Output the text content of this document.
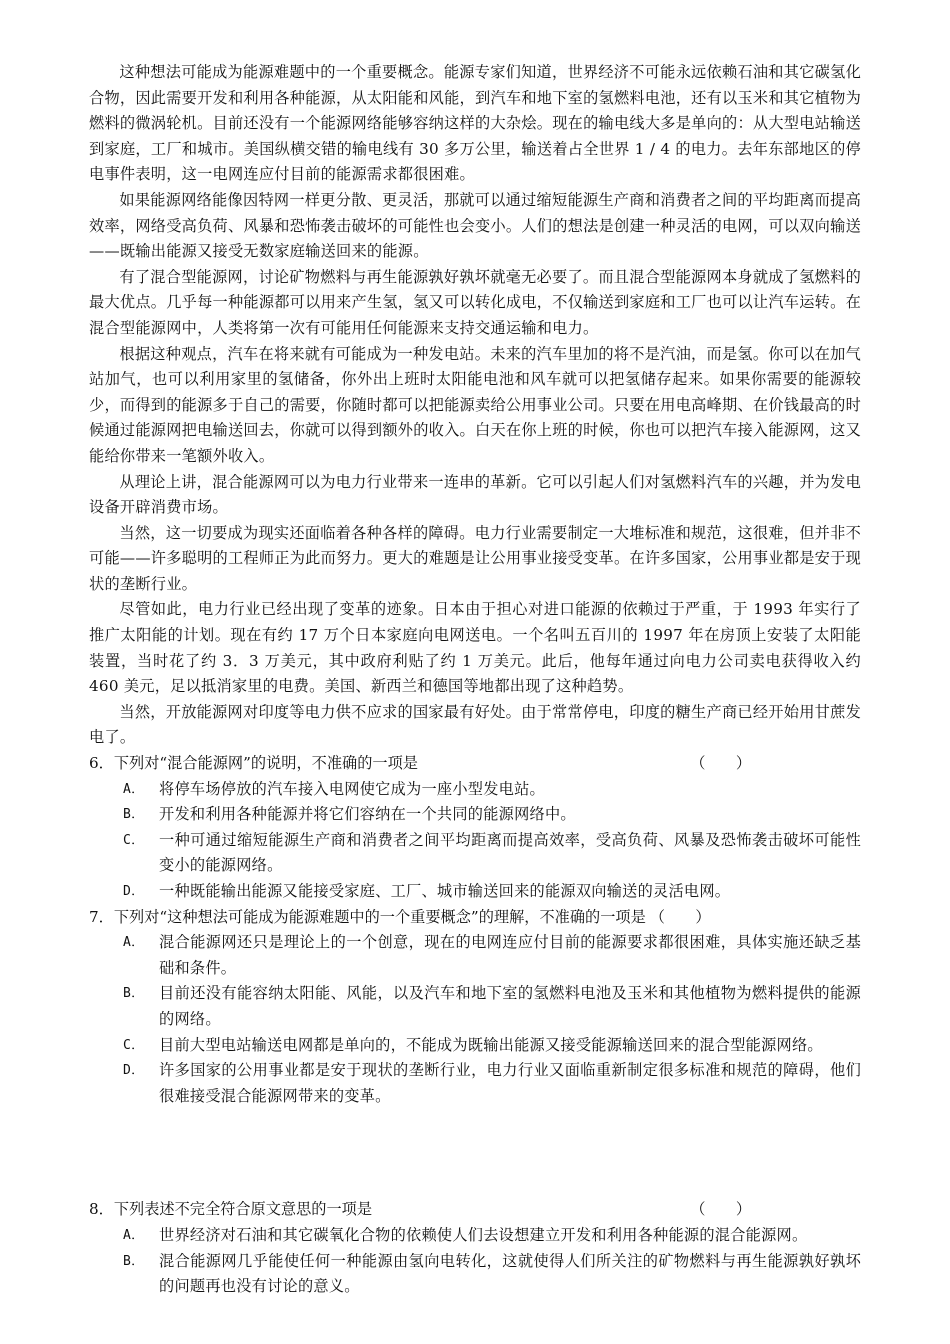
这种想法可能成为能源难题中的一个重要概念。能源专家们知道，世界经济不可能永远依赖石油和其它碳氢化合物，因此需要开发和利用各种能源，从太阳能和风能，到汽车和地下室的氢燃料电池，还有以玉米和其它植物为燃料的微涡轮机。目前还没有一个能源网络能够容纳这样的大杂烩。现在的输电线大多是单向的：从大型电站输送到家庭，工厂和城市。美国纵横交错的输电线有 30 多万公里，输送着占全世界 1 / 4 的电力。去年东部地区的停电事件表明，这一电网连应付目前的能源需求都很困难。

如果能源网络能像因特网一样更分散、更灵活，那就可以通过缩短能源生产商和消费者之间的平均距离而提高效率，网络受高负荷、风暴和恐怖袭击破坏的可能性也会变小。人们的想法是创建一种灵活的电网，可以双向输送——既输出能源又接受无数家庭输送回来的能源。

有了混合型能源网，讨论矿物燃料与再生能源孰好孰坏就毫无必要了。而且混合型能源网本身就成了氢燃料的最大优点。几乎每一种能源都可以用来产生氢，氢又可以转化成电，不仅输送到家庭和工厂也可以让汽车运转。在混合型能源网中，人类将第一次有可能用任何能源来支持交通运输和电力。

根据这种观点，汽车在将来就有可能成为一种发电站。未来的汽车里加的将不是汽油，而是氢。你可以在加气站加气，也可以利用家里的氢储备，你外出上班时太阳能电池和风车就可以把氢储存起来。如果你需要的能源较少，而得到的能源多于自己的需要，你随时都可以把能源卖给公用事业公司。只要在用电高峰期、在价钱最高的时候通过能源网把电输送回去，你就可以得到额外的收入。白天在你上班的时候，你也可以把汽车接入能源网，这又能给你带来一笔额外收入。

从理论上讲，混合能源网可以为电力行业带来一连串的革新。它可以引起人们对氢燃料汽车的兴趣，并为发电设备开辟消费市场。

当然，这一切要成为现实还面临着各种各样的障碍。电力行业需要制定一大堆标准和规范，这很难，但并非不可能——许多聪明的工程师正为此而努力。更大的难题是让公用事业接受变革。在许多国家，公用事业都是安于现状的垄断行业。

尽管如此，电力行业已经出现了变革的迹象。日本由于担心对进口能源的依赖过于严重，于 1993 年实行了推广太阳能的计划。现在有约 17 万个日本家庭向电网送电。一个名叫五百川的 1997 年在房顶上安装了太阳能装置，当时花了约 3．3 万美元，其中政府利贴了约 1 万美元。此后，他每年通过向电力公司卖电获得收入约 460 美元，足以抵消家里的电费。美国、新西兰和德国等地都出现了这种趋势。

当然，开放能源网对印度等电力供不应求的国家最有好处。由于常常停电，印度的糖生产商已经开始用甘蔗发电了。

6．下列对“混合能源网”的说明，不准确的一项是	（　　）

A． 将停车场停放的汽车接入电网使它成为一座小型发电站。

B． 开发和利用各种能源并将它们容纳在一个共同的能源网络中。

C． 一种可通过缩短能源生产商和消费者之间平均距离而提高效率，受高负荷、风暴及恐怖袭击破坏可能性变小的能源网络。

D． 一种既能输出能源又能接受家庭、工厂、城市输送回来的能源双向输送的灵活电网。

7．下列对“这种想法可能成为能源难题中的一个重要概念”的理解，不准确的一项是 （　　）

A． 混合能源网还只是理论上的一个创意，现在的电网连应付目前的能源要求都很困难，具体实施还缺乏基础和条件。

B． 目前还没有能容纳太阳能、风能，以及汽车和地下室的氢燃料电池及玉米和其他植物为燃料提供的能源的网络。

C． 目前大型电站输送电网都是单向的，不能成为既输出能源又接受能源输送回来的混合型能源网络。

D． 许多国家的公用事业都是安于现状的垄断行业，电力行业又面临重新制定很多标准和规范的障碍，他们很难接受混合能源网带来的变革。

8．下列表述不完全符合原文意思的一项是	（　　）

A． 世界经济对石油和其它碳氧化合物的依赖使人们去设想建立开发和利用各种能源的混合能源网。

B． 混合能源网几乎能使任何一种能源由氢向电转化，这就使得人们所关注的矿物燃料与再生能源孰好孰坏的问题再也没有讨论的意义。
